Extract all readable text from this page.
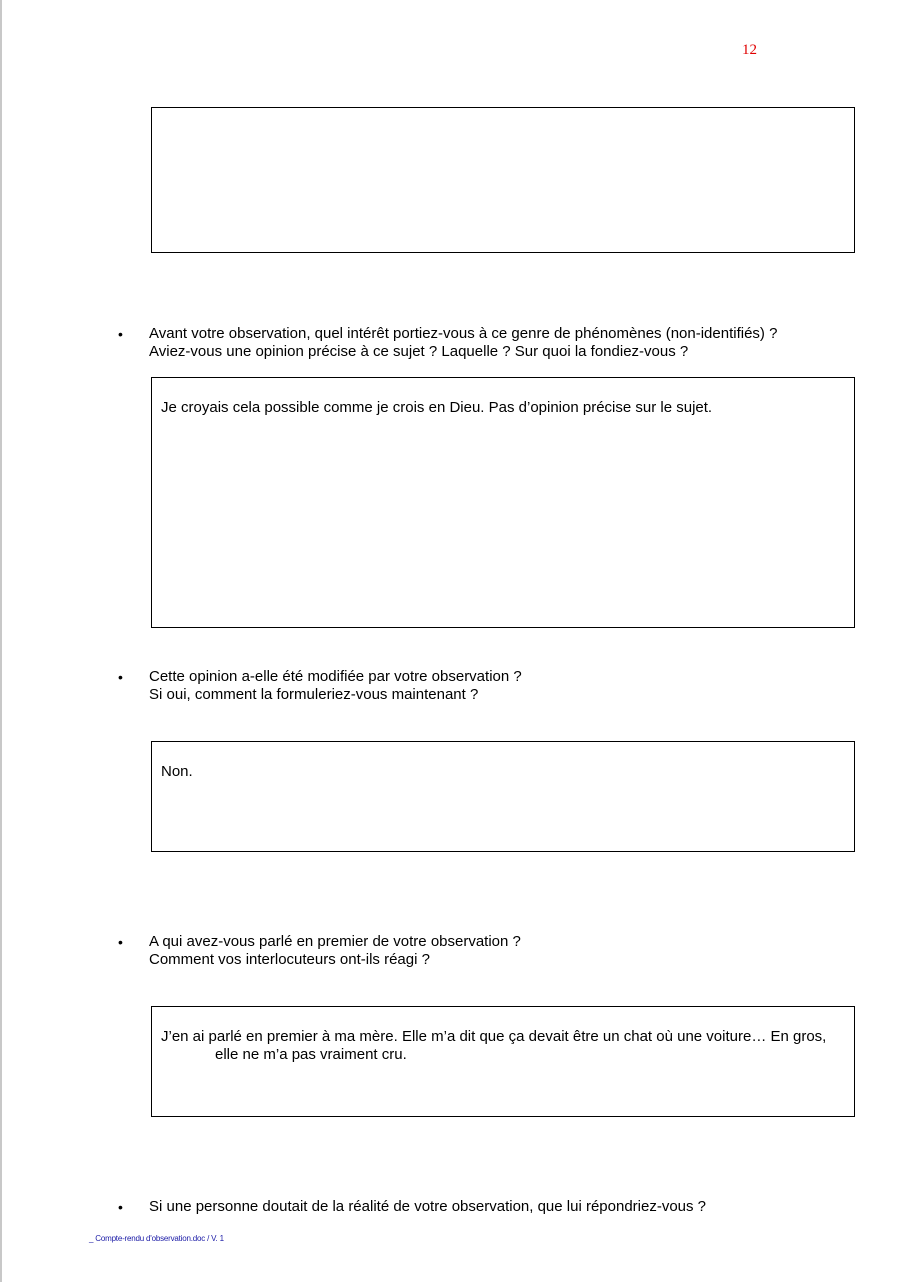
12
• Avant votre observation, quel intérêt portiez-vous à ce genre de phénomènes (non-identifiés) ?
Aviez-vous une opinion précise à ce sujet ? Laquelle ? Sur quoi la fondiez-vous ?
Je croyais cela possible comme je crois en Dieu. Pas d’opinion précise sur le sujet.
• Cette opinion a-elle été modifiée par votre observation ?
Si oui, comment la formuleriez-vous maintenant ?
Non.
• A qui avez-vous parlé en premier de votre observation ?
Comment vos interlocuteurs ont-ils réagi ?
J’en ai parlé en premier à ma mère. Elle m’a dit que ça devait être un chat où une voiture… En gros,
elle ne m’a pas vraiment cru.
• Si une personne doutait de la réalité de votre observation, que lui répondriez-vous ?
_ Compte-rendu d'observation.doc / V. 1
